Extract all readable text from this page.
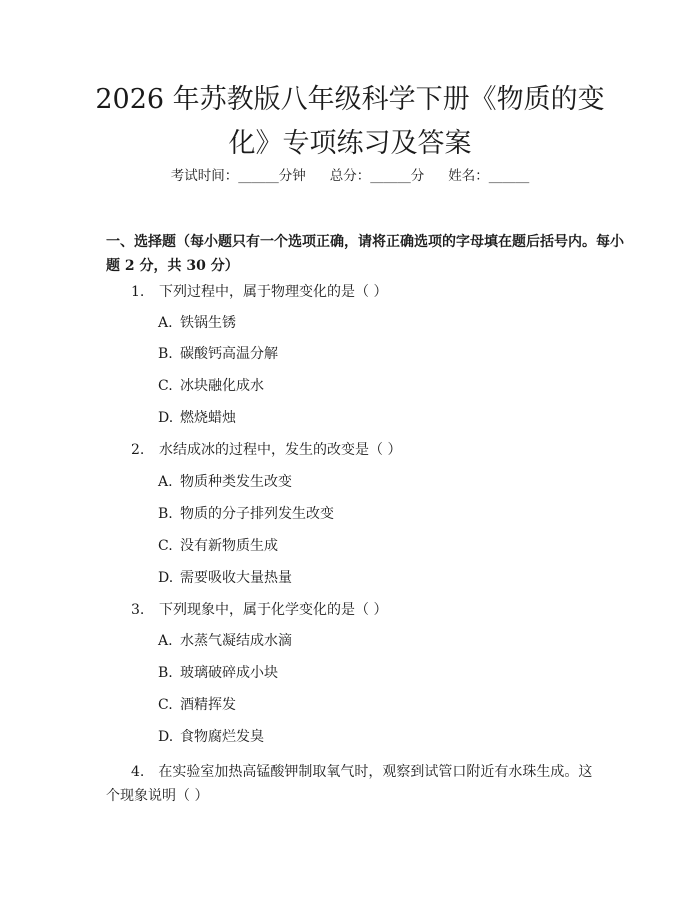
2026 年苏教版八年级科学下册《物质的变
化》专项练习及答案
考试时间：______分钟 总分：______分 姓名：______
一、选择题（每小题只有一个选项正确，请将正确选项的字母填在题后括号内。每小题 2 分，共 30 分）
1. 下列过程中，属于物理变化的是（ ）
A. 铁锅生锈
B. 碳酸钙高温分解
C. 冰块融化成水
D. 燃烧蜡烛
2. 水结成冰的过程中，发生的改变是（ ）
A. 物质种类发生改变
B. 物质的分子排列发生改变
C. 没有新物质生成
D. 需要吸收大量热量
3. 下列现象中，属于化学变化的是（ ）
A. 水蒸气凝结成水滴
B. 玻璃破碎成小块
C. 酒精挥发
D. 食物腐烂发臭
4. 在实验室加热高锰酸钾制取氧气时，观察到试管口附近有水珠生成。这个现象说明（ ）
